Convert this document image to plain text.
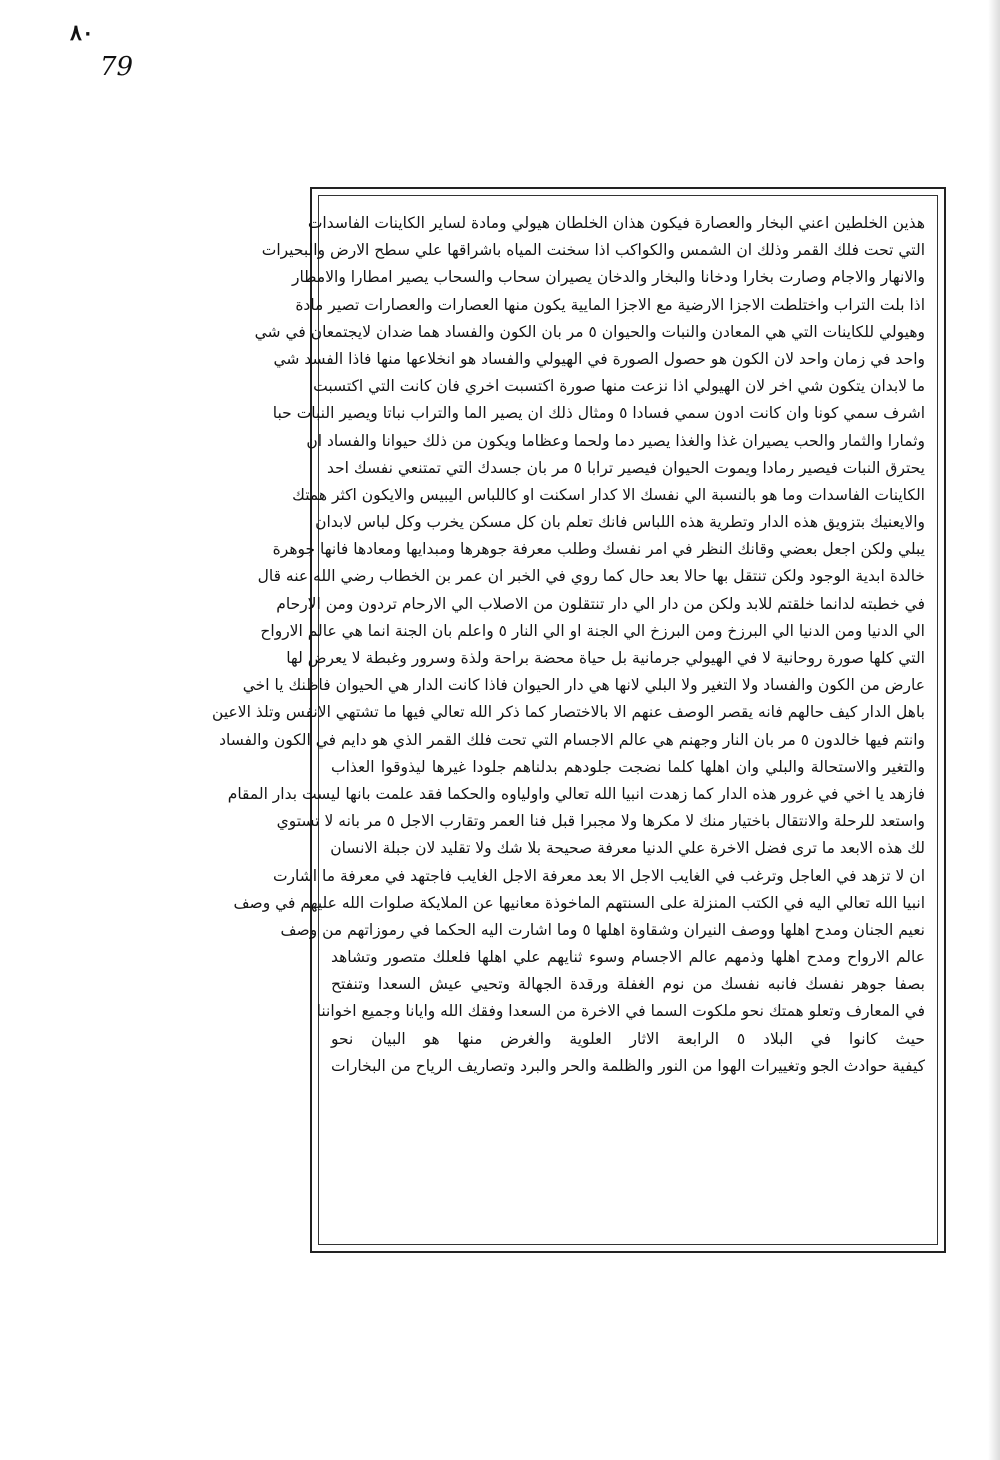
٨٠
79
هذين الخلطين اعني البخار والعصارة فيكون هذان الخلطان هيولي ومادة لساير الكاينات الفاسدات
التي تحت فلك القمر وذلك ان الشمس والكواكب اذا سخنت المياه باشراقها علي سطح الارض والبحيرات
والانهار والاجام وصارت بخارا ودخانا والبخار والدخان يصيران سحاب والسحاب يصير امطارا والامطار
اذا بلت التراب واختلطت الاجزا الارضية مع الاجزا المايية يكون منها العصارات والعصارات تصير مادة
وهيولي للكاينات التي هي المعادن والنبات والحيوان ٥ مر بان الكون والفساد هما ضدان لايجتمعان في شي
واحد في زمان واحد لان الكون هو حصول الصورة في الهيولي والفساد هو انخلاعها منها فاذا الفسد شي
ما لابدان يتكون شي اخر لان الهيولي اذا نزعت منها صورة اكتسبت اخري فان كانت التي اكتسبت
اشرف سمي كونا وان كانت ادون سمي فسادا ٥ ومثال ذلك ان يصير الما والتراب نباتا ويصير النبات حبا
وثمارا والثمار والحب يصيران غذا والغذا يصير دما ولحما وعظاما ويكون من ذلك حيوانا والفساد ان
يحترق النبات فيصير رمادا ويموت الحيوان فيصير ترابا ٥ مر بان جسدك التي تمتنعي نفسك احد
الكاينات الفاسدات وما هو بالنسبة الي نفسك الا كدار اسكنت او كاللباس اليبيس والايكون اكثر همتك
والايعنيك بتزويق هذه الدار وتطرية هذه اللباس فانك تعلم بان كل مسكن يخرب وكل لباس لابدان
يبلي ولكن اجعل بعضي وقانك النظر في امر نفسك وطلب معرفة جوهرها ومبدايها ومعادها فانها جوهرة
خالدة ابدية الوجود ولكن تنتقل بها حالا بعد حال كما روي في الخبر ان عمر بن الخطاب رضي الله عنه قال
في خطبته لدانما خلقتم للابد ولكن من دار الي دار تنتقلون من الاصلاب الي الارحام تردون ومن الارحام
الي الدنيا ومن الدنيا الي البرزخ ومن البرزخ الي الجنة او الي النار ٥ واعلم بان الجنة انما هي عالم الارواح
التي كلها صورة روحانية لا في الهيولي جرمانية بل حياة محضة براحة ولذة وسرور وغبطة لا يعرض لها
عارض من الكون والفساد ولا التغير ولا البلي لانها هي دار الحيوان فاذا كانت الدار هي الحيوان فاظنك يا اخي
باهل الدار كيف حالهم فانه يقصر الوصف عنهم الا بالاختصار كما ذكر الله تعالي فيها ما تشتهي الانفس وتلذ الاعين
وانتم فيها خالدون ٥ مر بان النار وجهنم هي عالم الاجسام التي تحت فلك القمر الذي هو دايم في الكون والفساد
والتغير والاستحالة والبلي وان اهلها كلما نضجت جلودهم بدلناهم جلودا غيرها ليذوقوا العذاب
فازهد يا اخي في غرور هذه الدار كما زهدت انبيا الله تعالي واولياوه والحكما فقد علمت بانها ليست بدار المقام
واستعد للرحلة والانتقال باختيار منك لا مكرها ولا مجبرا قبل فنا العمر وتقارب الاجل ٥ مر بانه لا تستوي
لك هذه الابعد ما ترى فضل الاخرة علي الدنيا معرفة صحيحة بلا شك ولا تقليد لان جبلة الانسان
ان لا تزهد في العاجل وترغب في الغايب الاجل الا بعد معرفة الاجل الغايب فاجتهد في معرفة ما اشارت
انبيا الله تعالي اليه في الكتب المنزلة على السنتهم الماخوذة معانيها عن الملايكة صلوات الله عليهم في وصف
نعيم الجنان ومدح اهلها ووصف النيران وشقاوة اهلها ٥ وما اشارت اليه الحكما في رموزاتهم من وصف
عالم الارواح ومدح اهلها وذمهم عالم الاجسام وسوء ثنايهم علي اهلها فلعلك متصور وتشاهد
بصفا جوهر نفسك فانبه نفسك من نوم الغفلة ورقدة الجهالة وتحيي عيش السعدا وتنفتح
في المعارف وتعلو همتك نحو ملكوت السما في الاخرة من السعدا وفقك الله وايانا وجميع اخواننا
حيث كانوا في البلاد ٥ الرابعة الاثار العلوية والغرض منها هو البيان نحو
كيفية حوادث الجو وتغييرات الهوا من النور والظلمة والحر والبرد وتصاريف الرياح من البخارات
